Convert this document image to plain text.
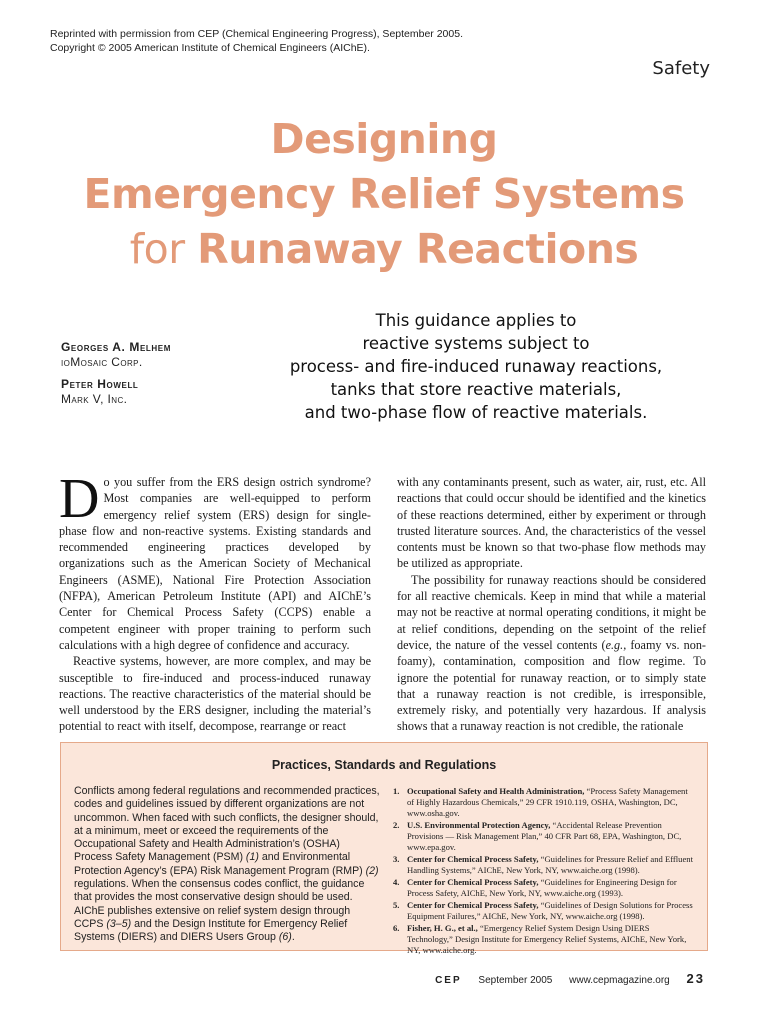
Reprinted with permission from CEP (Chemical Engineering Progress), September 2005.
Copyright © 2005 American Institute of Chemical Engineers (AIChE).
Safety
Designing
Emergency Relief Systems
for Runaway Reactions
Georges A. Melhem
ioMosaic Corp.
Peter Howell
Mark V, Inc.
This guidance applies to
reactive systems subject to
process- and fire-induced runaway reactions,
tanks that store reactive materials,
and two-phase flow of reactive materials.

Do you suffer from the ERS design ostrich syndrome? Most companies are well-equipped to perform emergency relief system (ERS) design for single-phase flow and non-reactive systems. Existing standards and recommended engineering practices developed by organizations such as the American Society of Mechanical Engineers (ASME), National Fire Protection Association (NFPA), American Petroleum Institute (API) and AIChE’s Center for Chemical Process Safety (CCPS) enable a competent engineer with proper training to perform such calculations with a high degree of confidence and accuracy.

Reactive systems, however, are more complex, and may be susceptible to fire-induced and process-induced runaway reactions. The reactive characteristics of the material should be well understood by the ERS designer, including the material’s potential to react with itself, decompose, rearrange or react

with any contaminants present, such as water, air, rust, etc. All reactions that could occur should be identified and the kinetics of these reactions determined, either by experiment or through trusted literature sources. And, the characteristics of the vessel contents must be known so that two-phase flow methods may be utilized as appropriate.

The possibility for runaway reactions should be considered for all reactive chemicals. Keep in mind that while a material may not be reactive at normal operating conditions, it might be at relief conditions, depending on the setpoint of the relief device, the nature of the vessel contents (e.g., foamy vs. non-foamy), contamination, composition and flow regime. To ignore the potential for runaway reaction, or to simply state that a runaway reaction is not credible, is irresponsible, extremely risky, and potentially very hazardous. If analysis shows that a runaway reaction is not credible, the rationale

Practices, Standards and Regulations
Conflicts among federal regulations and recommended practices, codes and guidelines issued by different organizations are not uncommon. When faced with such conflicts, the designer should, at a minimum, meet or exceed the requirements of the Occupational Safety and Health Administration’s (OSHA) Process Safety Management (PSM) (1) and Environmental Protection Agency’s (EPA) Risk Management Program (RMP) (2) regulations. When the consensus codes conflict, the guidance that provides the most conservative design should be used. AIChE publishes extensive on relief system design through CCPS (3–5) and the Design Institute for Emergency Relief Systems (DIERS) and DIERS Users Group (6).
1. Occupational Safety and Health Administration, “Process Safety Management of Highly Hazardous Chemicals,” 29 CFR 1910.119, OSHA, Washington, DC, www.osha.gov.
2. U.S. Environmental Protection Agency, “Accidental Release Prevention Provisions — Risk Management Plan,” 40 CFR Part 68, EPA, Washington, DC, www.epa.gov.
3. Center for Chemical Process Safety, “Guidelines for Pressure Relief and Effluent Handling Systems,” AIChE, New York, NY, www.aiche.org (1998).
4. Center for Chemical Process Safety, “Guidelines for Engineering Design for Process Safety, AIChE, New York, NY, www.aiche.org (1993).
5. Center for Chemical Process Safety, “Guidelines of Design Solutions for Process Equipment Failures,” AIChE, New York, NY, www.aiche.org (1998).
6. Fisher, H. G., et al., “Emergency Relief System Design Using DIERS Technology,” Design Institute for Emergency Relief Systems, AIChE, New York, NY, www.aiche.org.
CEP September 2005 www.cepmagazine.org 23
